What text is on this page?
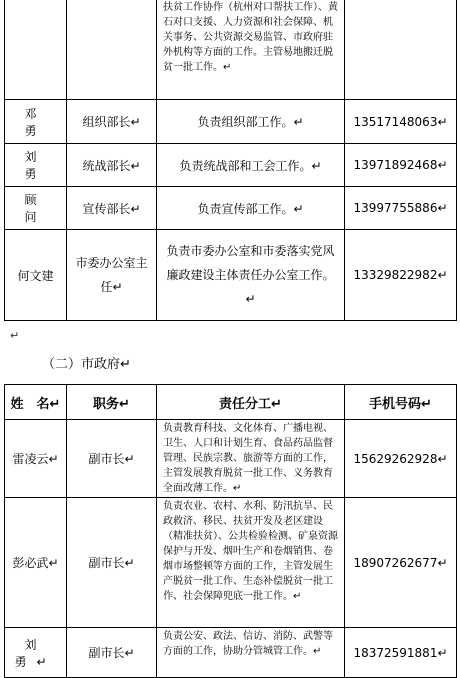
		扶贫工作协作（杭州对口帮扶工作）、黄石对口支援、人力资源和社会保障、机关事务、公共资源交易监管、市政府驻外机构等方面的工作。主管易地搬迁脱贫一批工作。↵	
邓　勇	组织部长↵	负责组织部工作。↵	13517148063↵
刘　勇	统战部长↵	负责统战部和工会工作。↵	13971892468↵
顾　问	宣传部长↵	负责宣传部工作。↵	13997755886↵
何文建	市委办公室主任↵	负责市委办公室和市委落实党风廉政建设主体责任办公室工作。↵	13329822982↵
↵
（二）市政府↵
姓　名↵	职务↵	责任分工↵	手机号码↵
雷凌云↵	副市长↵	负责教育科技、文化体育、广播电视、卫生、人口和计划生育、食品药品监督管理、民族宗教、旅游等方面的工作，主管发展教育脱贫一批工作、义务教育全面改薄工作。↵	15629262928↵
彭必武↵	副市长↵	负责农业、农村、水利、防汛抗旱、民政救济、移民、扶贫开发及老区建设（精准扶贫）、公共检验检测、矿泉资源保护与开发、烟叶生产和卷烟销售、卷烟市场整顿等方面的工作，主管发展生产脱贫一批工作、生态补偿脱贫一批工作、社会保障兜底一批工作。↵	18907262677↵
刘　勇↵	副市长↵	负责公安、政法、信访、消防、武警等方面的工作，协助分管城管工作。↵	18372591881↵
